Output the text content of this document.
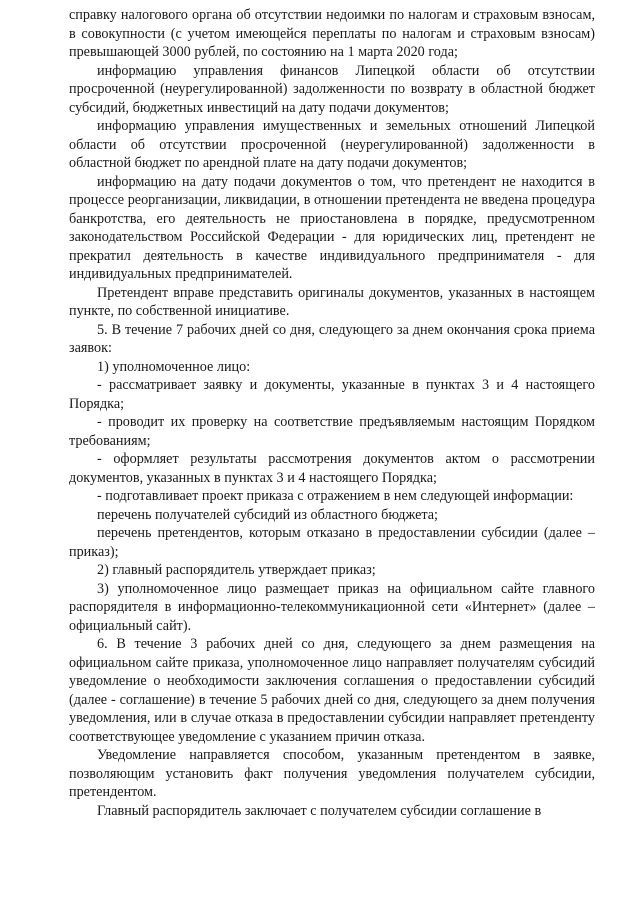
справку налогового органа об отсутствии недоимки по налогам и страховым взносам, в совокупности (с учетом имеющейся переплаты по налогам и страховым взносам) превышающей 3000 рублей, по состоянию на 1 марта 2020 года;

информацию управления финансов Липецкой области об отсутствии просроченной (неурегулированной) задолженности по возврату в областной бюджет субсидий, бюджетных инвестиций на дату подачи документов;

информацию управления имущественных и земельных отношений Липецкой области об отсутствии просроченной (неурегулированной) задолженности в областной бюджет по арендной плате на дату подачи документов;

информацию на дату подачи документов о том, что претендент не находится в процессе реорганизации, ликвидации, в отношении претендента не введена процедура банкротства, его деятельность не приостановлена в порядке, предусмотренном законодательством Российской Федерации - для юридических лиц, претендент не прекратил деятельность в качестве индивидуального предпринимателя - для индивидуальных предпринимателей.

Претендент вправе представить оригиналы документов, указанных в настоящем пункте, по собственной инициативе.

5. В течение 7 рабочих дней со дня, следующего за днем окончания срока приема заявок:

1) уполномоченное лицо:

- рассматривает заявку и документы, указанные в пунктах 3 и 4 настоящего Порядка;

- проводит их проверку на соответствие предъявляемым настоящим Порядком требованиям;

- оформляет результаты рассмотрения документов актом о рассмотрении документов, указанных в пунктах 3 и 4 настоящего Порядка;

- подготавливает проект приказа с отражением в нем следующей информации:

перечень получателей субсидий из областного бюджета;

перечень претендентов, которым отказано в предоставлении субсидии (далее – приказ);

2) главный распорядитель утверждает приказ;

3) уполномоченное лицо размещает приказ на официальном сайте главного распорядителя в информационно-телекоммуникационной сети «Интернет» (далее – официальный сайт).

6. В течение 3 рабочих дней со дня, следующего за днем размещения на официальном сайте приказа, уполномоченное лицо направляет получателям субсидий уведомление о необходимости заключения соглашения о предоставлении субсидий (далее - соглашение) в течение 5 рабочих дней со дня, следующего за днем получения уведомления, или в случае отказа в предоставлении субсидии направляет претенденту соответствующее уведомление с указанием причин отказа.

Уведомление направляется способом, указанным претендентом в заявке, позволяющим установить факт получения уведомления получателем субсидии, претендентом.

Главный распорядитель заключает с получателем субсидии соглашение в
